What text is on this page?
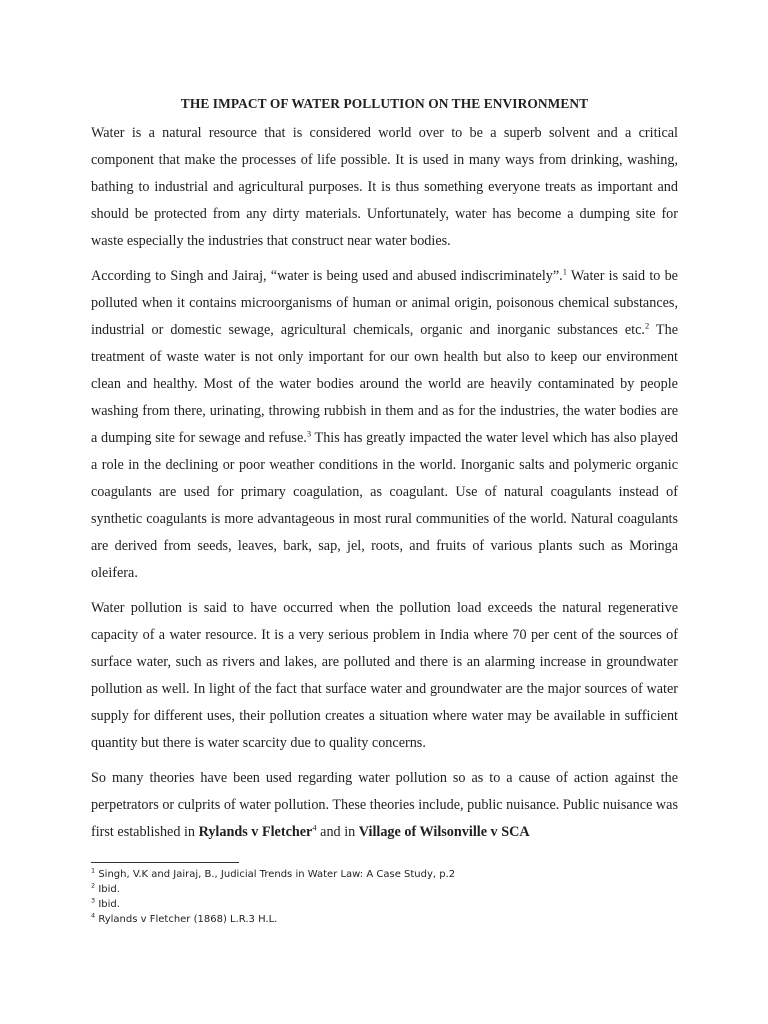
THE IMPACT OF WATER POLLUTION ON THE ENVIRONMENT

Water is a natural resource that is considered world over to be a superb solvent and a critical component that make the processes of life possible. It is used in many ways from drinking, washing, bathing to industrial and agricultural purposes. It is thus something everyone treats as important and should be protected from any dirty materials. Unfortunately, water has become a dumping site for waste especially the industries that construct near water bodies.

According to Singh and Jairaj, “water is being used and abused indiscriminately”.$^1$ Water is said to be polluted when it contains microorganisms of human or animal origin, poisonous chemical substances, industrial or domestic sewage, agricultural chemicals, organic and inorganic substances etc.$^2$ The treatment of waste water is not only important for our own health but also to keep our environment clean and healthy. Most of the water bodies around the world are heavily contaminated by people washing from there, urinating, throwing rubbish in them and as for the industries, the water bodies are a dumping site for sewage and refuse.$^3$ This has greatly impacted the water level which has also played a role in the declining or poor weather conditions in the world. Inorganic salts and polymeric organic coagulants are used for primary coagulation, as coagulant. Use of natural coagulants instead of synthetic coagulants is more advantageous in most rural communities of the world. Natural coagulants are derived from seeds, leaves, bark, sap, jel, roots, and fruits of various plants such as Moringa oleifera.

Water pollution is said to have occurred when the pollution load exceeds the natural regenerative capacity of a water resource. It is a very serious problem in India where 70 per cent of the sources of surface water, such as rivers and lakes, are polluted and there is an alarming increase in groundwater pollution as well. In light of the fact that surface water and groundwater are the major sources of water supply for different uses, their pollution creates a situation where water may be available in sufficient quantity but there is water scarcity due to quality concerns.

So many theories have been used regarding water pollution so as to a cause of action against the perpetrators or culprits of water pollution. These theories include, public nuisance. Public nuisance was first established in Rylands v Fletcher$^4$ and in Village of Wilsonville v SCA

$^1$ Singh, V.K and Jairaj, B., Judicial Trends in Water Law: A Case Study, p.2

$^2$ Ibid.

$^3$ Ibid.

$^4$ Rylands v Fletcher (1868) L.R.3 H.L.
